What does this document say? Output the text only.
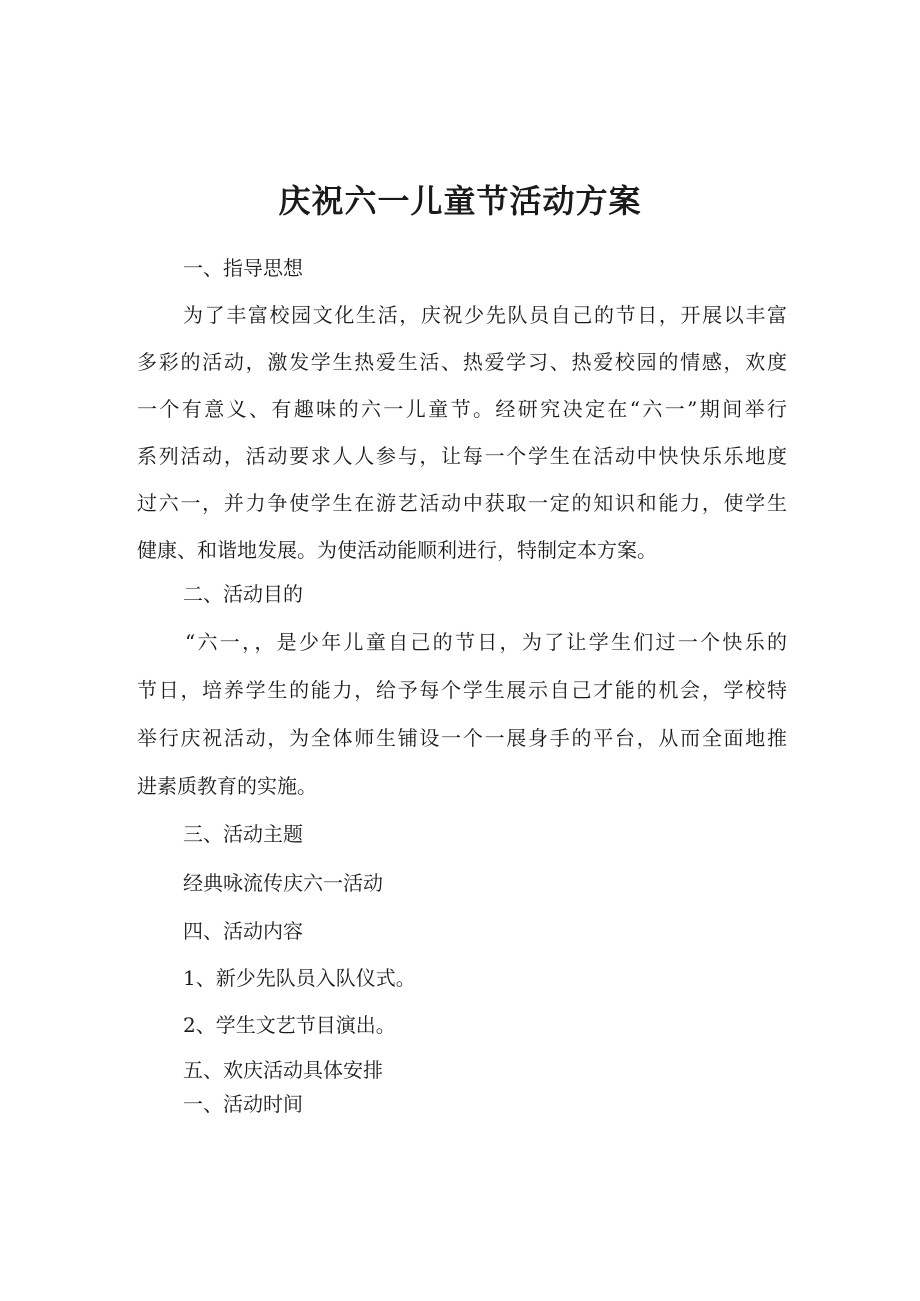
庆祝六一儿童节活动方案

一、指导思想

为了丰富校园文化生活，庆祝少先队员自己的节日，开展以丰富

多彩的活动，激发学生热爱生活、热爱学习、热爱校园的情感，欢度

一个有意义、有趣味的六一儿童节。经研究决定在“六一”期间举行

系列活动，活动要求人人参与，让每一个学生在活动中快快乐乐地度

过六一，并力争使学生在游艺活动中获取一定的知识和能力，使学生

健康、和谐地发展。为使活动能顺利进行，特制定本方案。

二、活动目的

“六一，，是少年儿童自己的节日，为了让学生们过一个快乐的

节日，培养学生的能力，给予每个学生展示自己才能的机会，学校特

举行庆祝活动，为全体师生铺设一个一展身手的平台，从而全面地推

进素质教育的实施。

三、活动主题

经典咏流传庆六一活动

四、活动内容

1、新少先队员入队仪式。

2、学生文艺节目演出。

五、欢庆活动具体安排

一、活动时间
